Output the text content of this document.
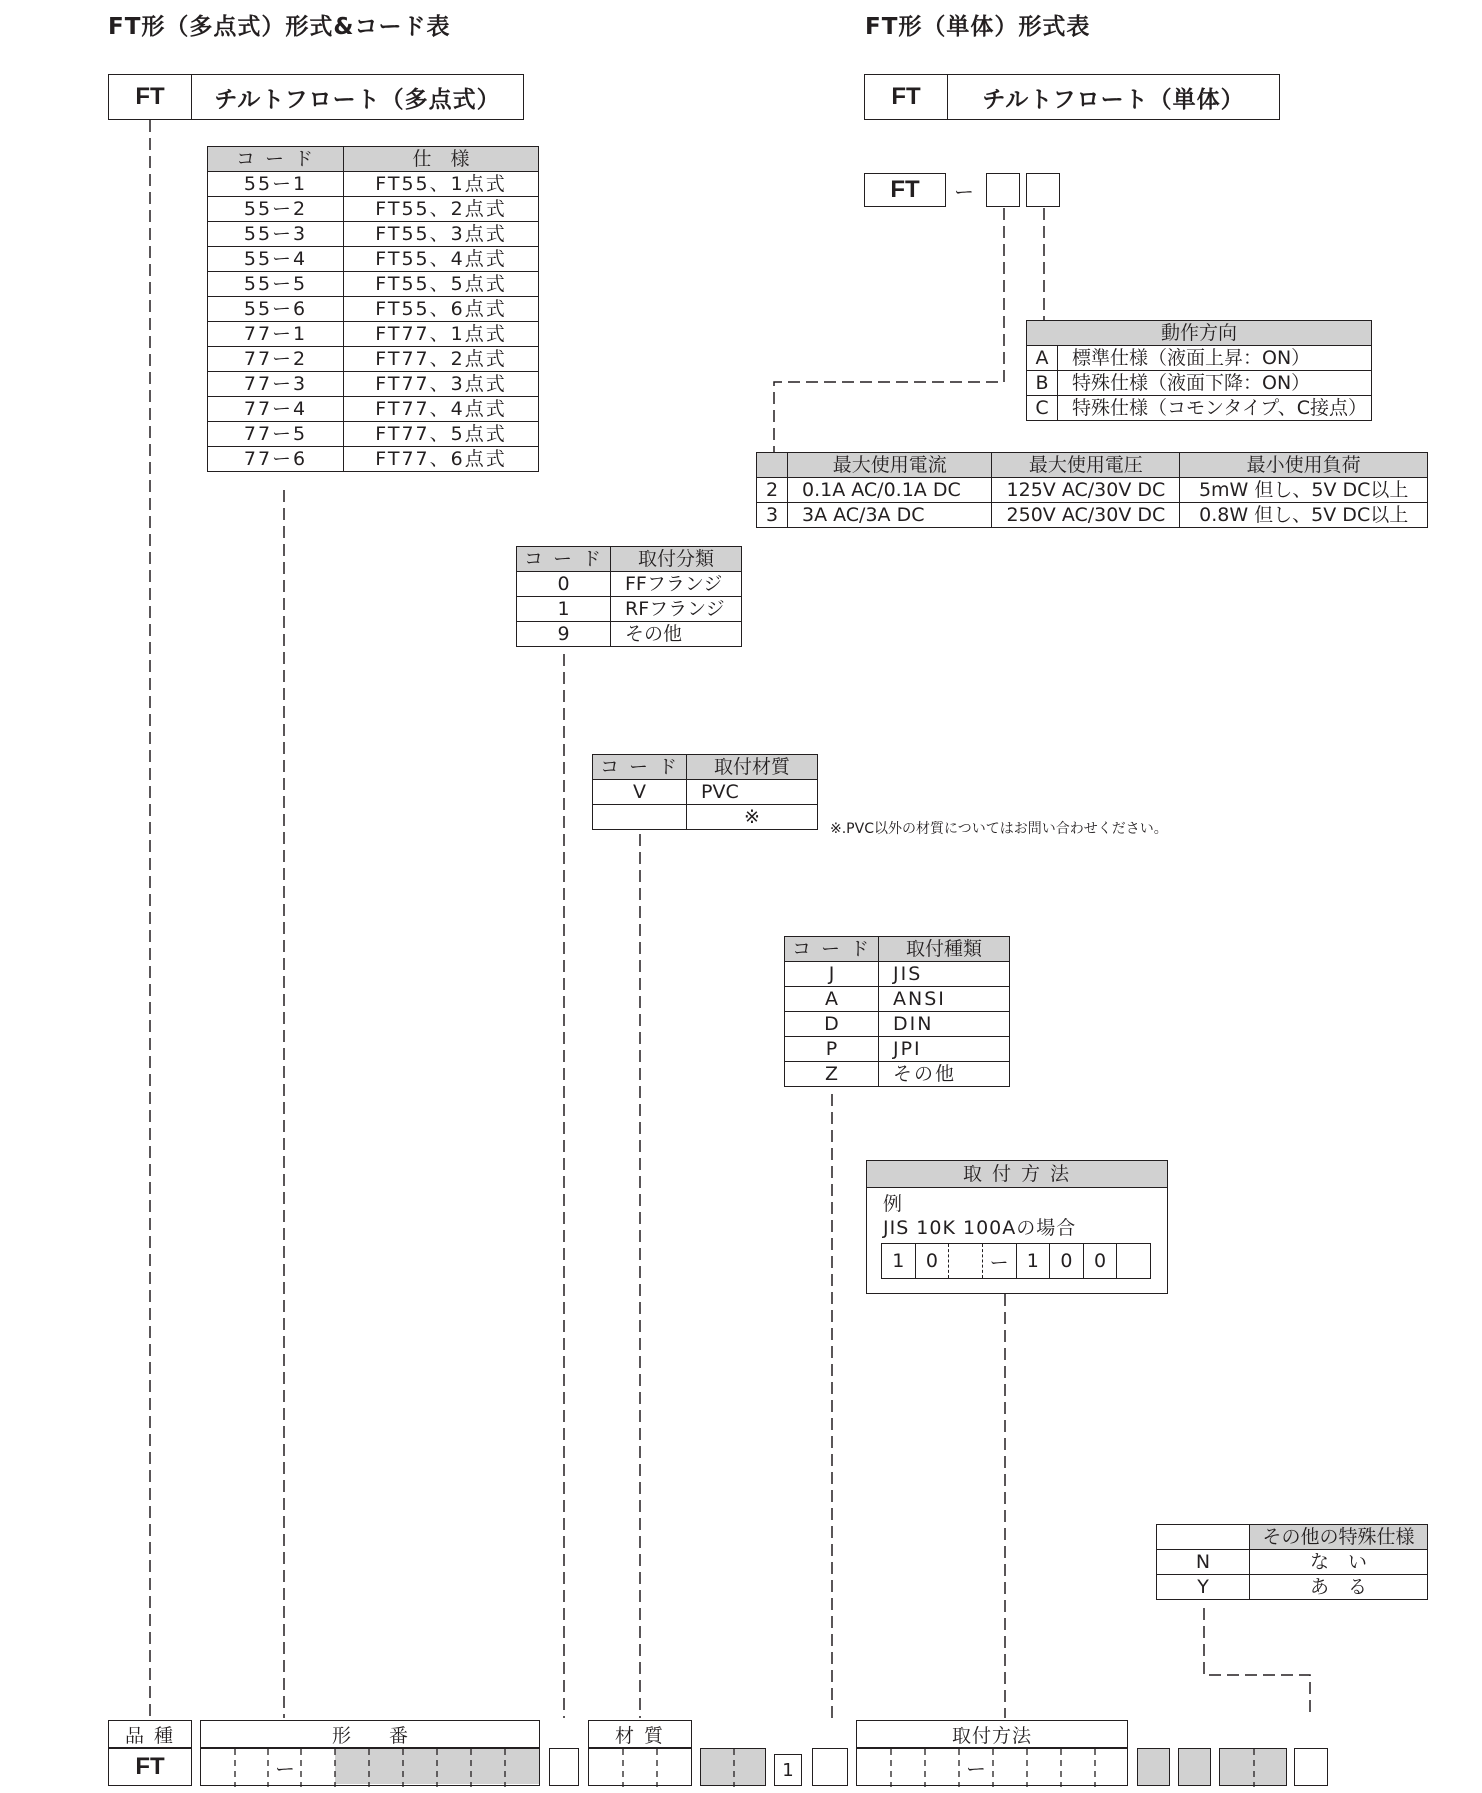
FT形（多点式）形式&コード表
FT	チルトフロート（多点式）
コ ー ド	仕　様
55ー1	FT55、1点式
55ー2	FT55、2点式
55ー3	FT55、3点式
55ー4	FT55、4点式
55ー5	FT55、5点式
55ー6	FT55、6点式
77ー1	FT77、1点式
77ー2	FT77、2点式
77ー3	FT77、3点式
77ー4	FT77、4点式
77ー5	FT77、5点式
77ー6	FT77、6点式
コ ー ド	取付分類
0	FFフランジ
1	RFフランジ
9	その他
コ ー ド	取付材質
V	PVC
	※
※.PVC以外の材質についてはお問い合わせください。
コ ー ド	取付種類
J	JIS
A	ANSI
D	DIN
P	JPI
Z	その他
取 付 方 法
例
JIS 10K 100Aの場合
1	0	ー 1	0	0
	その他の特殊仕様
N	な　い
Y	あ　る
品 種
FT
形　　番
ー
材 質
1
取付方法
ー
FT形（単体）形式表
FT	チルトフロート（単体）
FT	ー
動作方向	
A	標準仕様（液面上昇：ON）
B	特殊仕様（液面下降：ON）
C	特殊仕様（コモンタイプ、C接点）
	最大使用電流	最大使用電圧	最小使用負荷
2	0.1A AC/0.1A DC	125V AC/30V DC	5mW 但し、5V DC以上
3	3A AC/3A DC	250V AC/30V DC	0.8W 但し、5V DC以上
